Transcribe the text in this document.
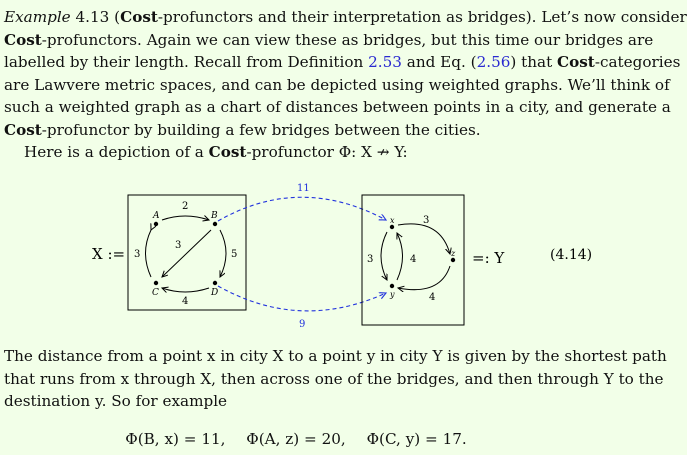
Example 4.13 (Cost-profunctors and their interpretation as bridges). Let’s now consider
Cost-profunctors. Again we can view these as bridges, but this time our bridges are
labelled by their length. Recall from Definition 2.53 and Eq. (2.56) that Cost-categories
are Lawvere metric spaces, and can be depicted using weighted graphs. We’ll think of
such a weighted graph as a chart of distances between points in a city, and generate a
Cost-profunctor by building a few bridges between the cities.
Here is a depiction of a Cost-profunctor Φ: X ↛ Y:
X :=
A	B
C	D
2
3
3	5
4
11
9
x
y
z
3
3	4
4
=: Y	(4.14)
The distance from a point x in city X to a point y in city Y is given by the shortest path
that runs from x through X, then across one of the bridges, and then through Y to the
destination y. So for example
Φ(B, x) = 11, Φ(A, z) = 20, Φ(C, y) = 17.
